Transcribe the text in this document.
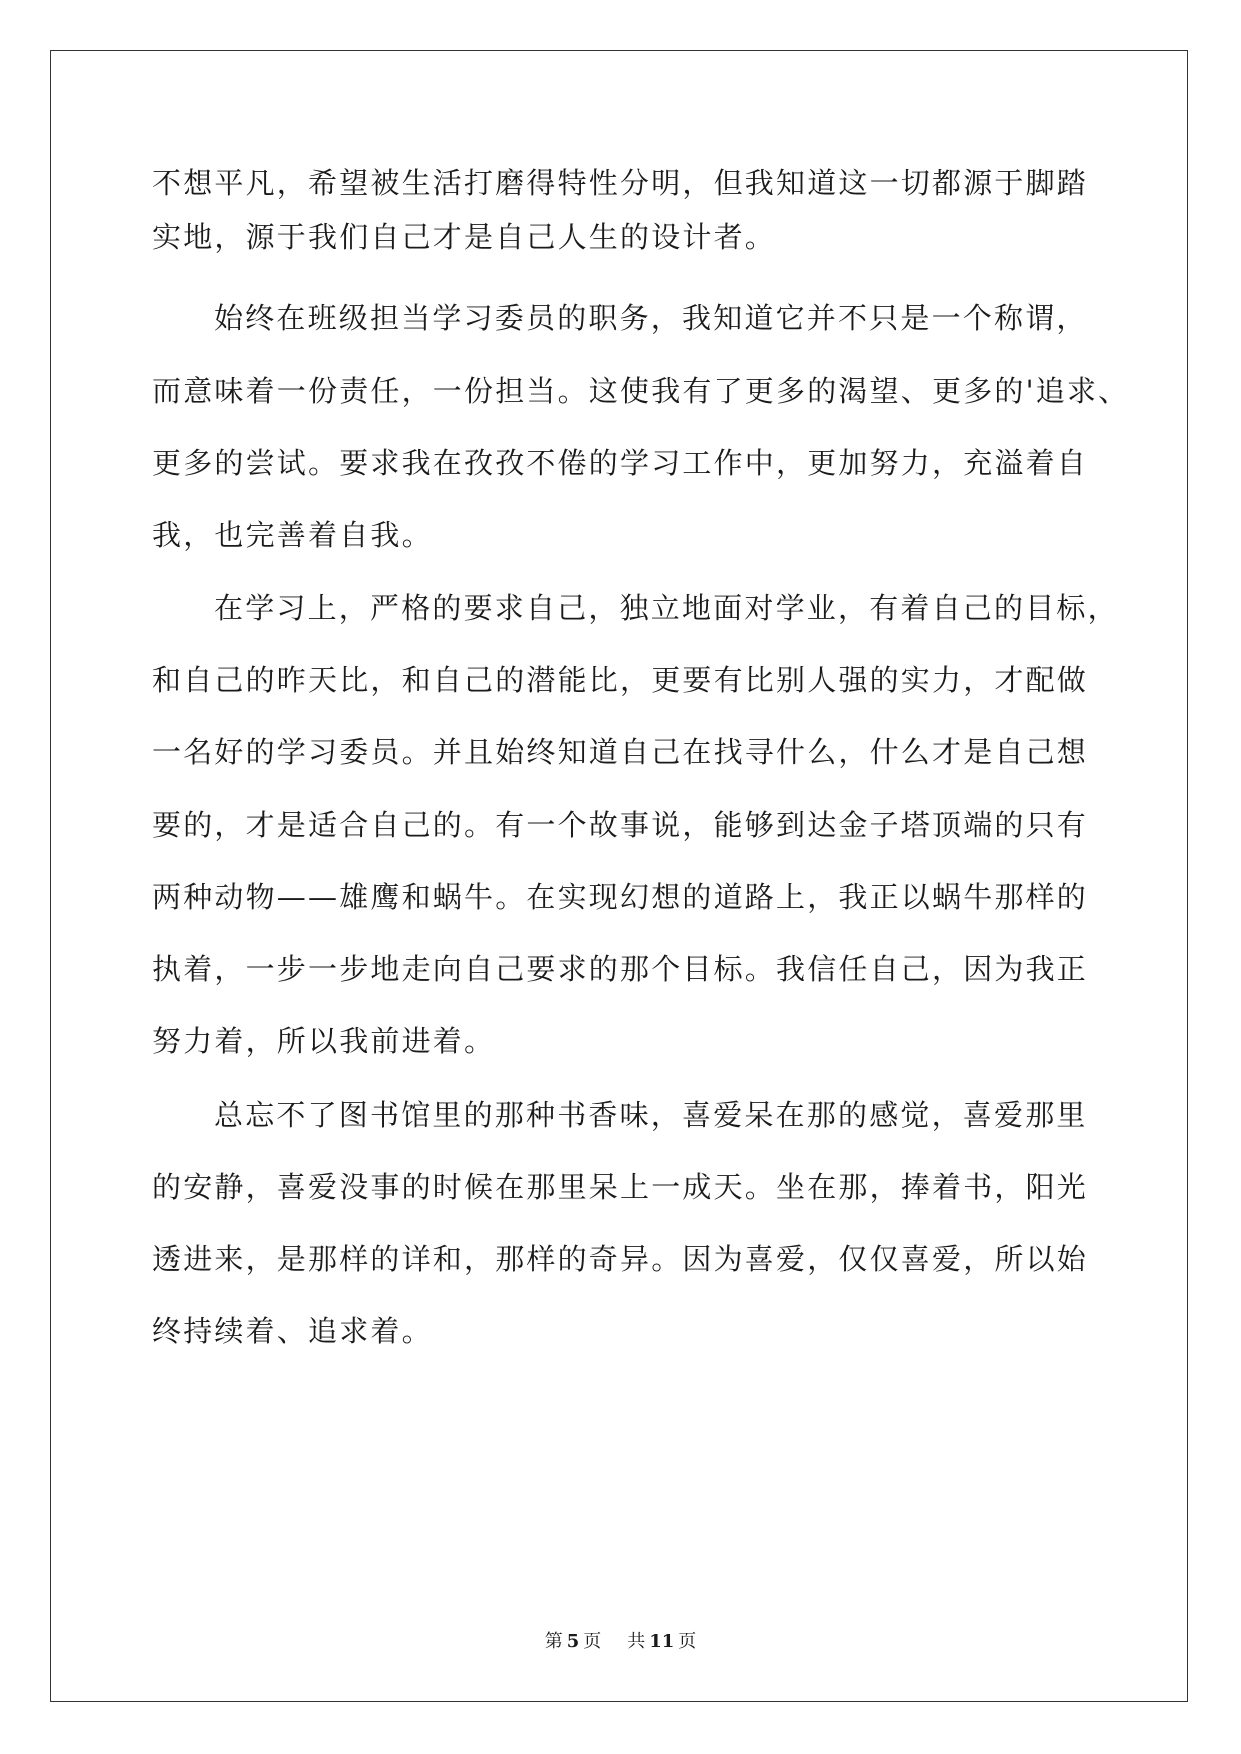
不想平凡，希望被生活打磨得特性分明，但我知道这一切都源于脚踏
实地，源于我们自己才是自己人生的设计者。
始终在班级担当学习委员的职务，我知道它并不只是一个称谓，
而意味着一份责任，一份担当。这使我有了更多的渴望、更多的'追求、
更多的尝试。要求我在孜孜不倦的学习工作中，更加努力，充溢着自
我，也完善着自我。
在学习上，严格的要求自己，独立地面对学业，有着自己的目标，
和自己的昨天比，和自己的潜能比，更要有比别人强的实力，才配做
一名好的学习委员。并且始终知道自己在找寻什么，什么才是自己想
要的，才是适合自己的。有一个故事说，能够到达金子塔顶端的只有
两种动物——雄鹰和蜗牛。在实现幻想的道路上，我正以蜗牛那样的
执着，一步一步地走向自己要求的那个目标。我信任自己，因为我正
努力着，所以我前进着。
总忘不了图书馆里的那种书香味，喜爱呆在那的感觉，喜爱那里
的安静，喜爱没事的时候在那里呆上一成天。坐在那，捧着书，阳光
透进来，是那样的详和，那样的奇异。因为喜爱，仅仅喜爱，所以始
终持续着、追求着。
第 5 页 共 11 页
